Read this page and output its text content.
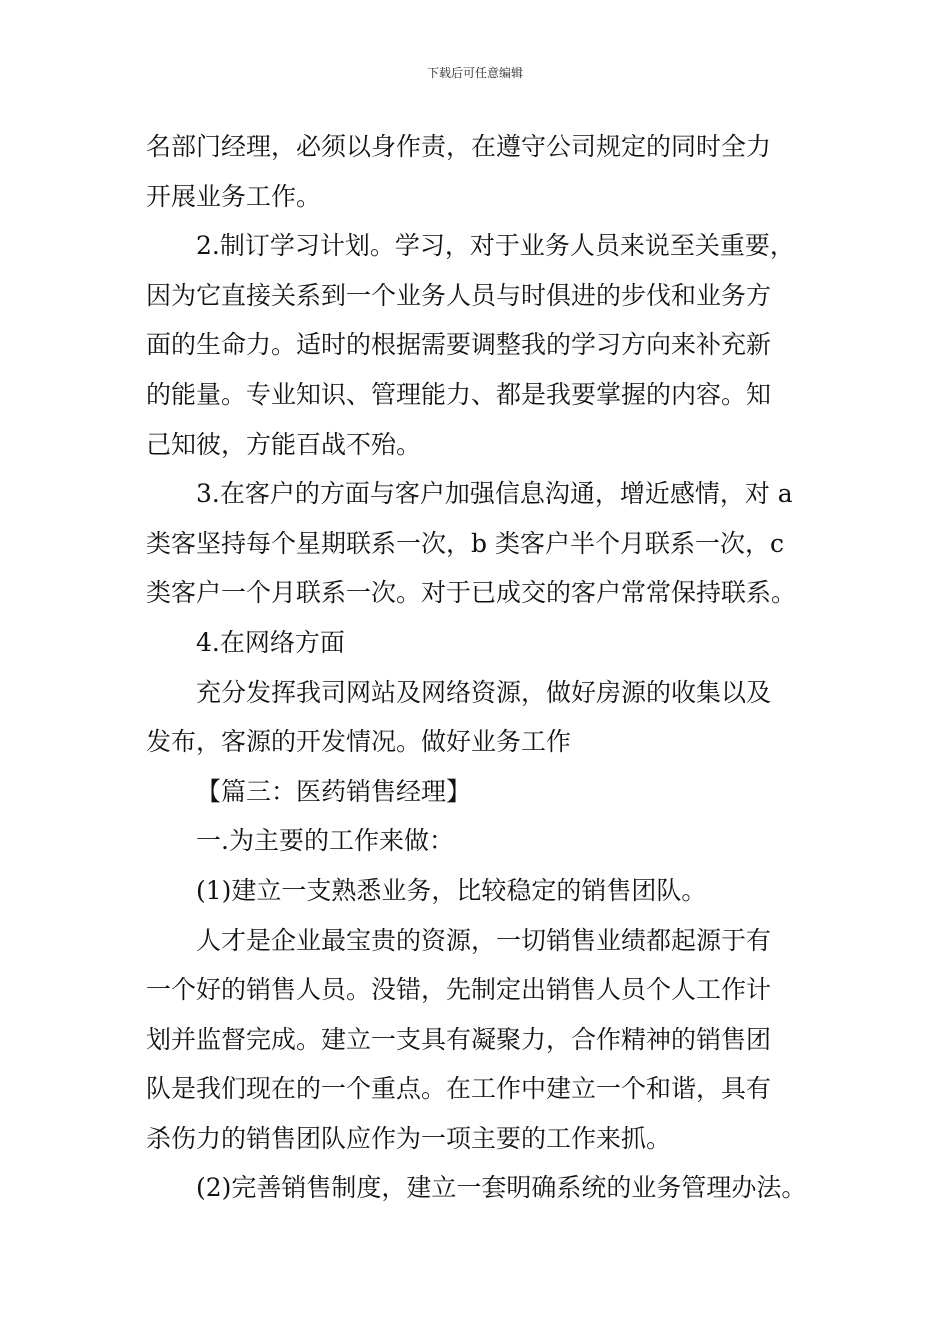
下载后可任意编辑
名部门经理，必须以身作责，在遵守公司规定的同时全力
开展业务工作。
2.制订学习计划。学习，对于业务人员来说至关重要，
因为它直接关系到一个业务人员与时俱进的步伐和业务方
面的生命力。适时的根据需要调整我的学习方向来补充新
的能量。专业知识、管理能力、都是我要掌握的内容。知
己知彼，方能百战不殆。
3.在客户的方面与客户加强信息沟通，增近感情，对 a
类客坚持每个星期联系一次，b 类客户半个月联系一次，c
类客户一个月联系一次。对于已成交的客户常常保持联系。
4.在网络方面
充分发挥我司网站及网络资源，做好房源的收集以及
发布，客源的开发情况。做好业务工作
【篇三：医药销售经理】
一.为主要的工作来做：
(1)建立一支熟悉业务，比较稳定的销售团队。
人才是企业最宝贵的资源，一切销售业绩都起源于有
一个好的销售人员。没错，先制定出销售人员个人工作计
划并监督完成。建立一支具有凝聚力，合作精神的销售团
队是我们现在的一个重点。在工作中建立一个和谐，具有
杀伤力的销售团队应作为一项主要的工作来抓。
(2)完善销售制度，建立一套明确系统的业务管理办法。
